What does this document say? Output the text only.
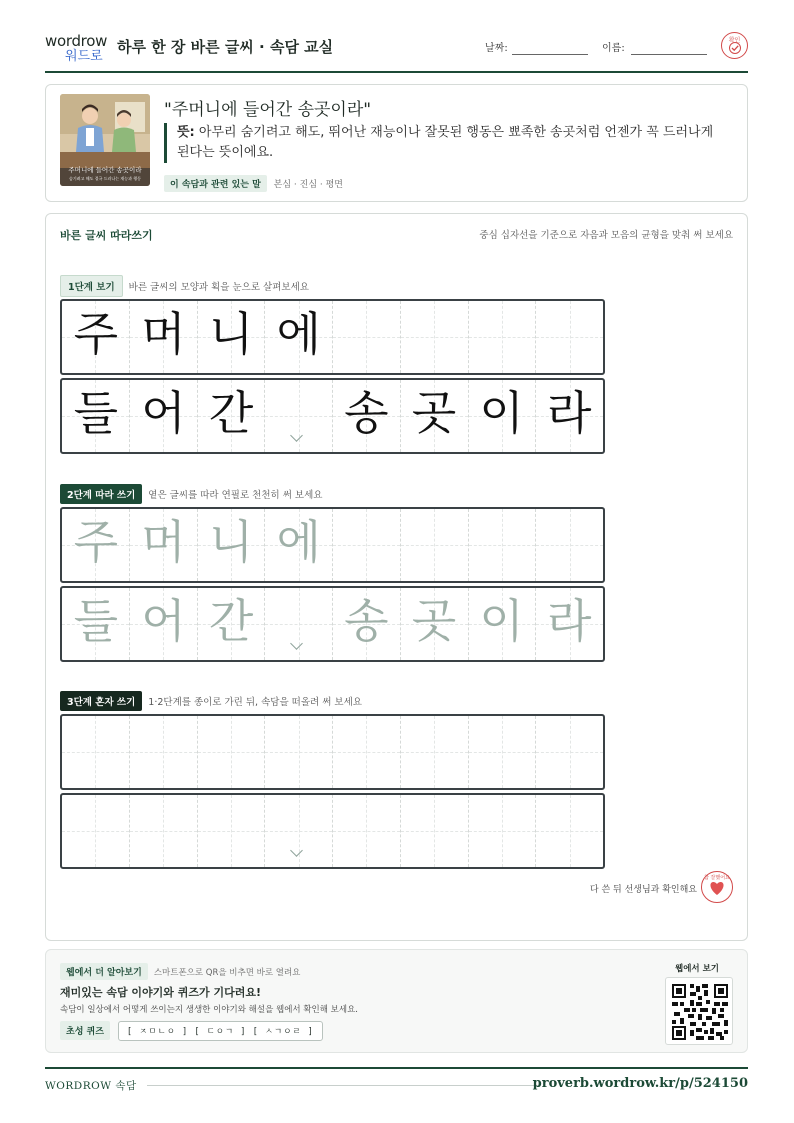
wordrow
워드로
하루 한 장 바른 글씨 · 속담 교실	날짜:	이름:
확인
주머니에 들어간 송곳이라
숨기려고 해도 결국 드러나는 재능과 행동
"주머니에 들어간 송곳이라"
뜻: 아무리 숨기려고 해도, 뛰어난 재능이나 잘못된 행동은 뾰족한 송곳처럼 언젠가 꼭 드러나게 된다는 뜻이에요.
이 속담과 관련 있는 말 본심 · 진심 · 평면
바른 글씨 따라쓰기	중심 십자선을 기준으로 자음과 모음의 균형을 맞춰 써 보세요
1단계 보기 바른 글씨의 모양과 획을 눈으로 살펴보세요
주 머 니 에
들 어 간 송 곳 이 라
2단계 따라 쓰기 옅은 글씨를 따라 연필로 천천히 써 보세요
주 머 니 에
들 어 간 송 곳 이 라
3단계 혼자 쓰기 1·2단계를 종이로 가린 뒤, 속담을 떠올려 써 보세요
다 쓴 뒤 선생님과 확인해요
참 잘했어요
웹에서 더 알아보기 스마트폰으로 QR을 비추면 바로 열려요
재미있는 속담 이야기와 퀴즈가 기다려요!
속담이 일상에서 어떻게 쓰이는지 생생한 이야기와 해설을 웹에서 확인해 보세요.
초성 퀴즈	[ ㅈㅁㄴㅇ ] [ ㄷㅇㄱ ] [ ㅅㄱㅇㄹ ]
웹에서 보기
WORDROW 속담	proverb.wordrow.kr/p/524150
